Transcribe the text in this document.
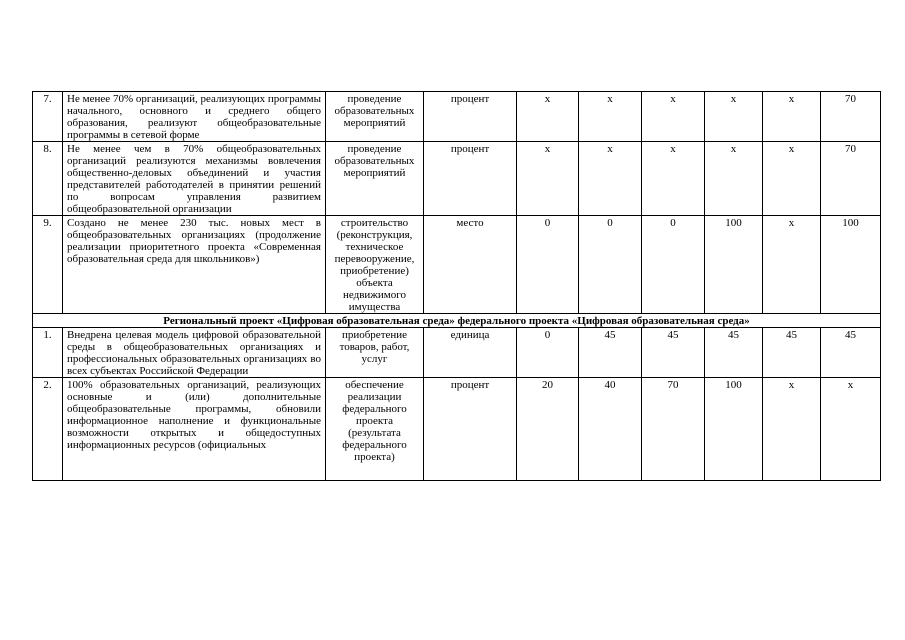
7.	Не менее 70% организаций, реализующих программы начального, основного и среднего общего образования, реализуют общеобразовательные программы в сетевой форме	проведение образовательных мероприятий	процент	x	x	x	x	x	70
8.	Не менее чем в 70% общеобразовательных организаций реализуются механизмы вовлечения общественно-деловых объединений и участия представителей работодателей в принятии решений по вопросам управления развитием общеобразовательной организации	проведение образовательных мероприятий	процент	x	x	x	x	x	70
9.	Создано не менее 230 тыс. новых мест в общеобразовательных организациях (продолжение реализации приоритетного проекта «Современная образовательная среда для школьников»)	строительство (реконструкция, техническое перевооружение, приобретение) объекта недвижимого имущества	место	0	0	0	100	x	100
Региональный проект «Цифровая образовательная среда» федерального проекта «Цифровая образовательная среда»									
1.	Внедрена целевая модель цифровой образовательной среды в общеобразовательных организациях и профессиональных образовательных организациях во всех субъектах Российской Федерации	приобретение товаров, работ, услуг	единица	0	45	45	45	45	45
2.	100% образовательных организаций, реализующих основные и (или) дополнительные общеобразовательные программы, обновили информационное наполнение и функциональные возможности открытых и общедоступных информационных ресурсов (официальных	обеспечение реализации федерального проекта (результата федерального проекта)	процент	20	40	70	100	x	x
